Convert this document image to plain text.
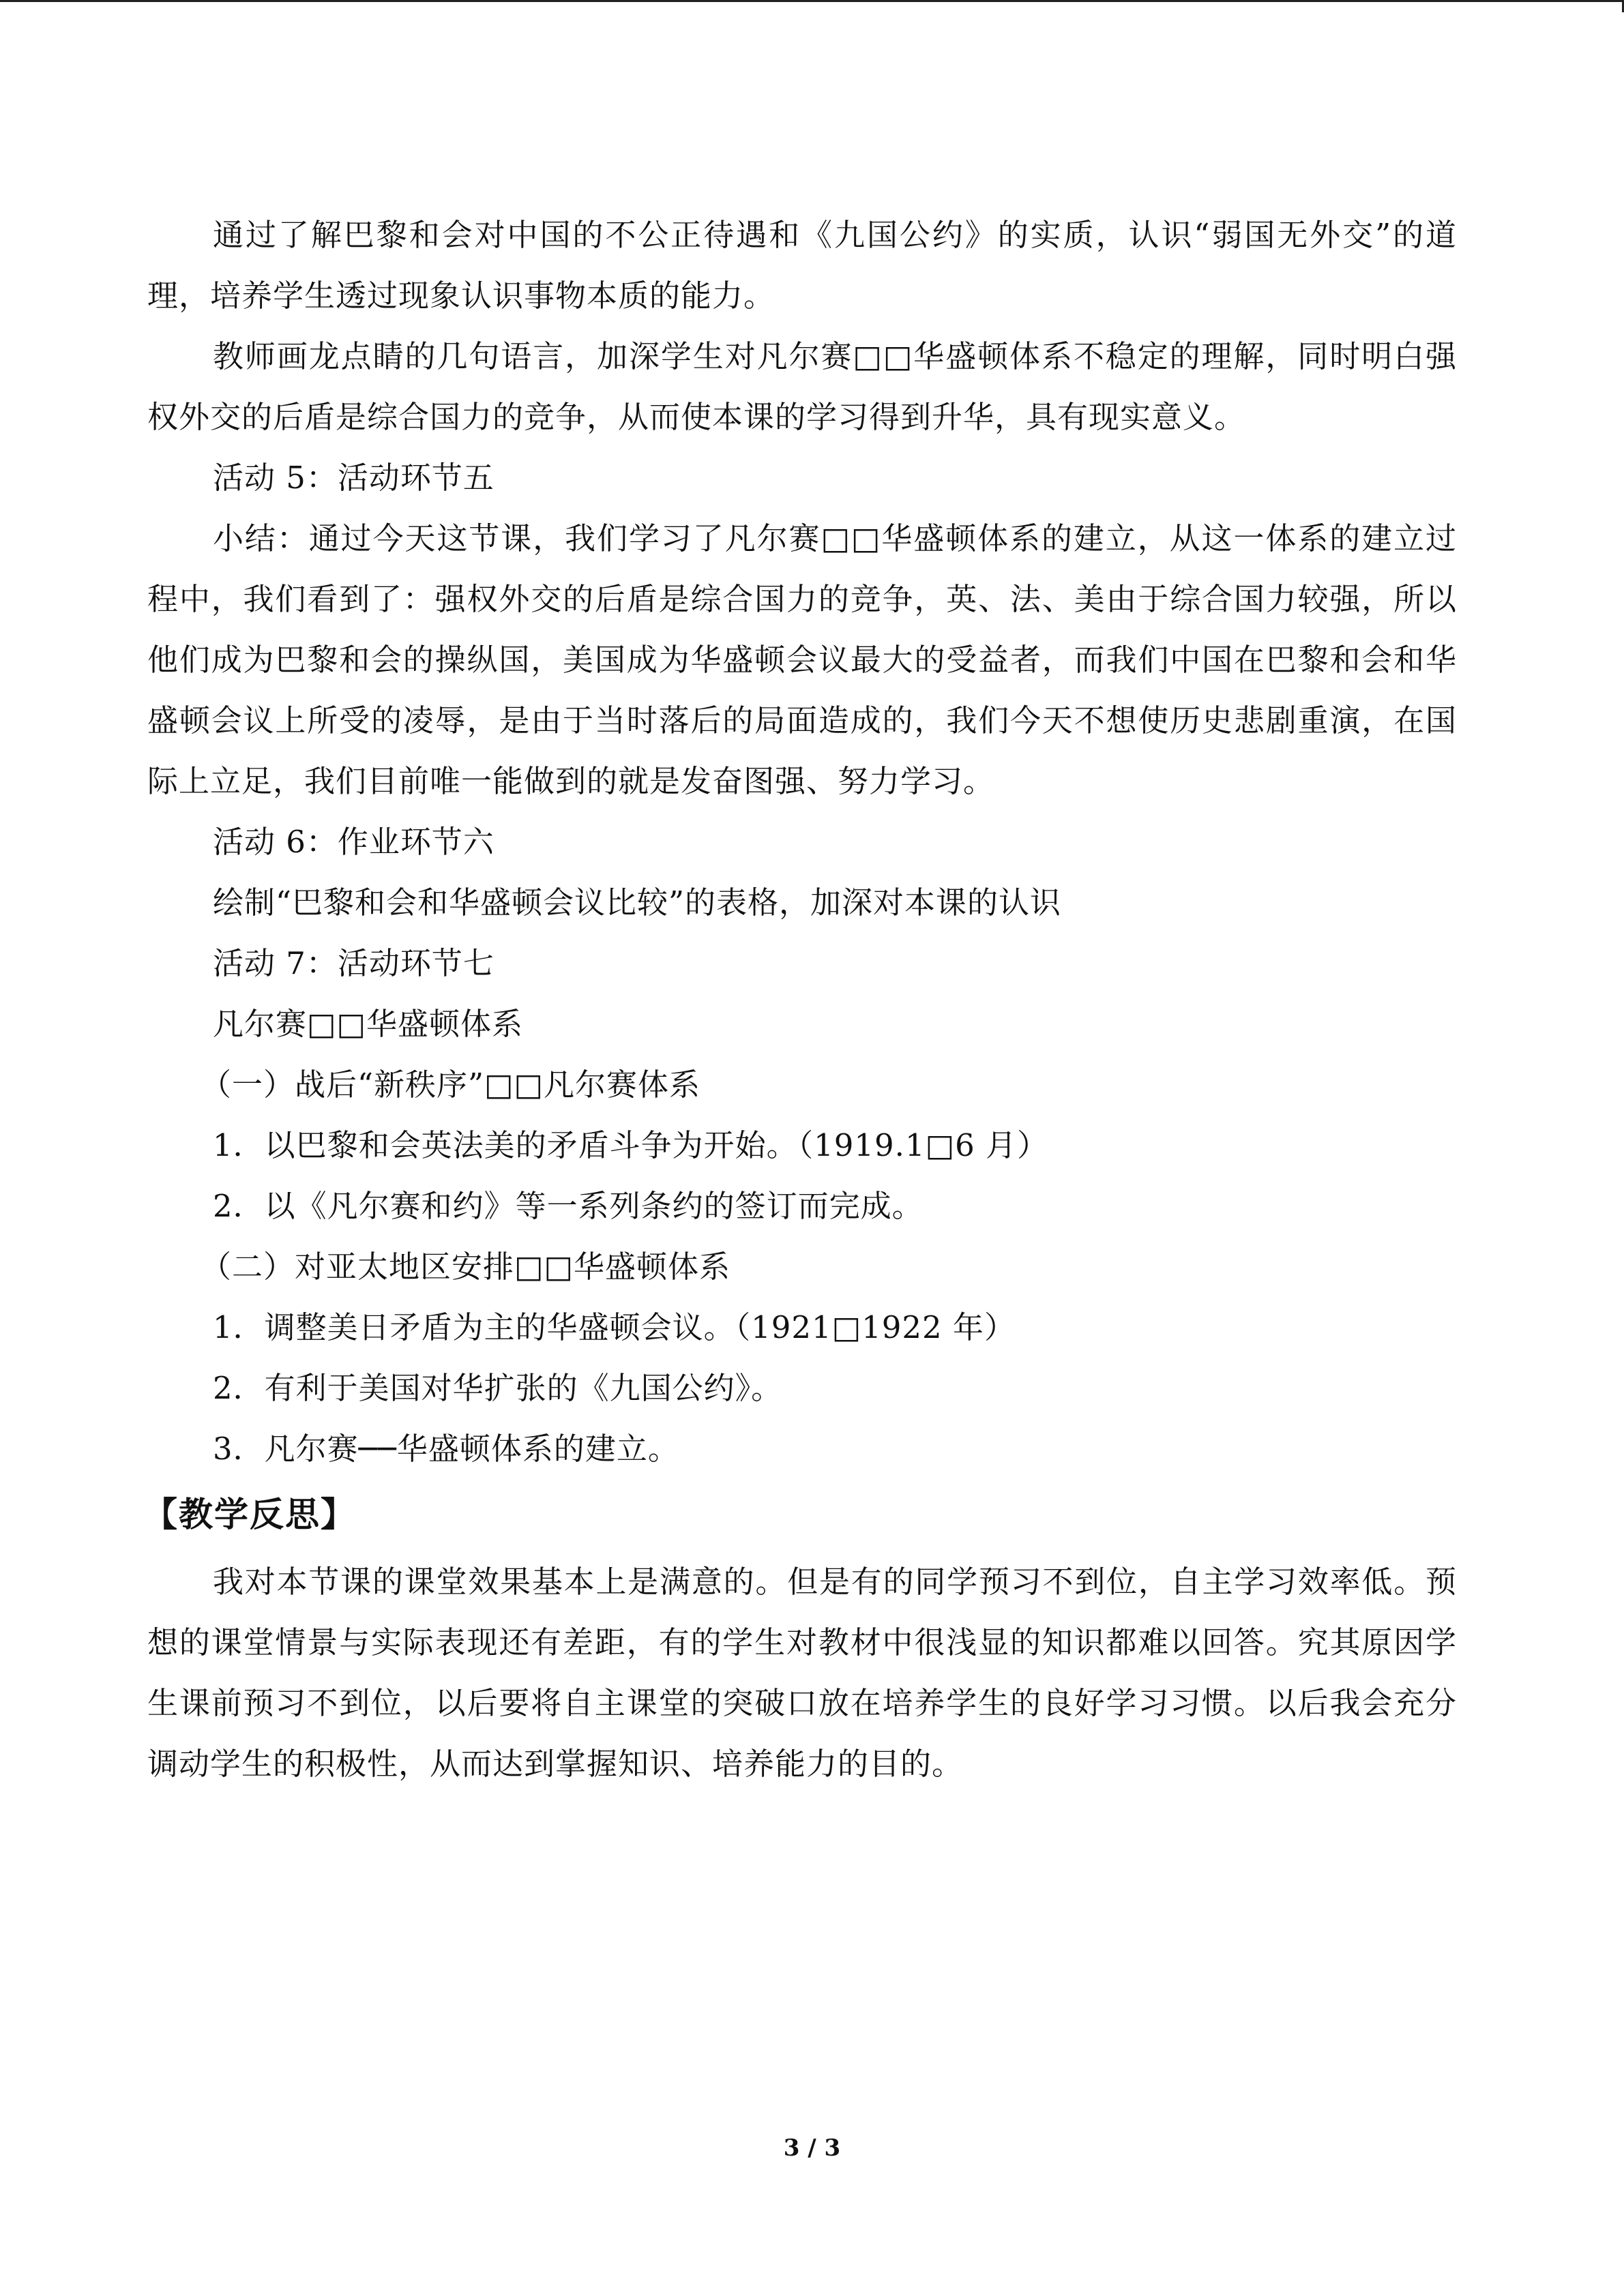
通过了解巴黎和会对中国的不公正待遇和《九国公约》的实质，认识“弱国无外交”的道理，培养学生透过现象认识事物本质的能力。

教师画龙点睛的几句语言，加深学生对凡尔赛□□华盛顿体系不稳定的理解，同时明白强权外交的后盾是综合国力的竞争，从而使本课的学习得到升华，具有现实意义。

活动 5：活动环节五

小结：通过今天这节课，我们学习了凡尔赛□□华盛顿体系的建立，从这一体系的建立过程中，我们看到了：强权外交的后盾是综合国力的竞争，英、法、美由于综合国力较强，所以他们成为巴黎和会的操纵国，美国成为华盛顿会议最大的受益者，而我们中国在巴黎和会和华盛顿会议上所受的凌辱，是由于当时落后的局面造成的，我们今天不想使历史悲剧重演，在国际上立足，我们目前唯一能做到的就是发奋图强、努力学习。

活动 6：作业环节六

绘制“巴黎和会和华盛顿会议比较”的表格，加深对本课的认识

活动 7：活动环节七

凡尔赛□□华盛顿体系

（一）战后“新秩序”□□凡尔赛体系

1．以巴黎和会英法美的矛盾斗争为开始。（1919.1□6 月）

2．以《凡尔赛和约》等一系列条约的签订而完成。

（二）对亚太地区安排□□华盛顿体系

1．调整美日矛盾为主的华盛顿会议。（1921□1922 年）

2．有利于美国对华扩张的《九国公约》。

3．凡尔赛──华盛顿体系的建立。

【教学反思】

我对本节课的课堂效果基本上是满意的。但是有的同学预习不到位，自主学习效率低。预想的课堂情景与实际表现还有差距，有的学生对教材中很浅显的知识都难以回答。究其原因学生课前预习不到位，以后要将自主课堂的突破口放在培养学生的良好学习习惯。以后我会充分调动学生的积极性，从而达到掌握知识、培养能力的目的。

3 / 3
